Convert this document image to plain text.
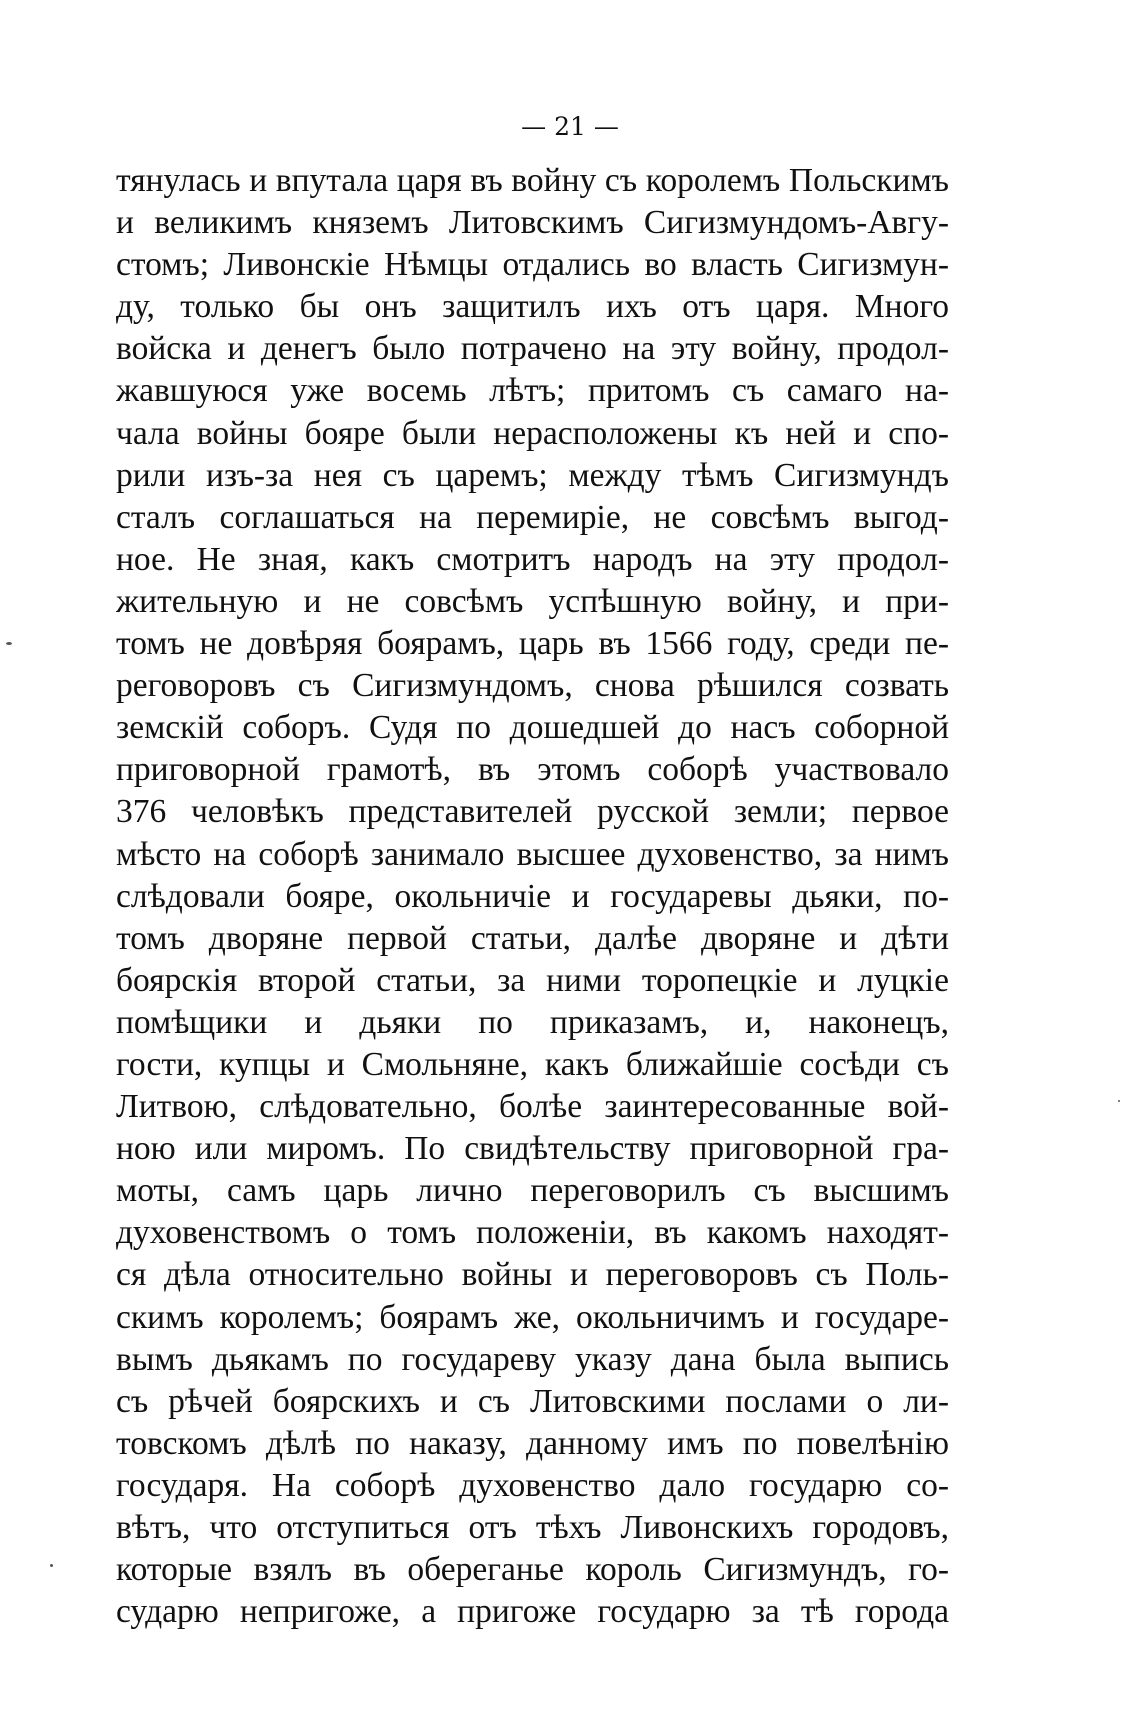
— 21 —
тянулась и впутала царя въ войну съ королемъ Польскимъ
и великимъ княземъ Литовскимъ Сигизмундомъ-Авгу-
стомъ; Ливонскіе Нѣмцы отдались во власть Сигизмун-
ду, только бы онъ защитилъ ихъ отъ царя. Много
войска и денегъ было потрачено на эту войну, продол-
жавшуюся уже восемь лѣтъ; притомъ съ самаго на-
чала войны бояре были нерасположены къ ней и спо-
рили изъ-за нея съ царемъ; между тѣмъ Сигизмундъ
сталъ соглашаться на перемиріе, не совсѣмъ выгод-
ное. Не зная, какъ смотритъ народъ на эту продол-
жительную и не совсѣмъ успѣшную войну, и при-
томъ не довѣряя боярамъ, царь въ 1566 году, среди пе-
реговоровъ съ Сигизмундомъ, снова рѣшился созвать
земскій соборъ. Судя по дошедшей до насъ соборной
приговорной грамотѣ, въ этомъ соборѣ участвовало
376 человѣкъ представителей русской земли; первое
мѣсто на соборѣ занимало высшее духовенство, за нимъ
слѣдовали бояре, окольничіе и государевы дьяки, по-
томъ дворяне первой статьи, далѣе дворяне и дѣти
боярскія второй статьи, за ними торопецкіе и луцкіе
помѣщики и дьяки по приказамъ, и, наконецъ,
гости, купцы и Смольняне, какъ ближайшіе сосѣди съ
Литвою, слѣдовательно, болѣе заинтересованные вой-
ною или миромъ. По свидѣтельству приговорной гра-
моты, самъ царь лично переговорилъ съ высшимъ
духовенствомъ о томъ положеніи, въ какомъ находят-
ся дѣла относительно войны и переговоровъ съ Поль-
скимъ королемъ; боярамъ же, окольничимъ и государе-
вымъ дьякамъ по государеву указу дана была выпись
съ рѣчей боярскихъ и съ Литовскими послами о ли-
товскомъ дѣлѣ по наказу, данному имъ по повелѣнію
государя. На соборѣ духовенство дало государю со-
вѣтъ, что отступиться отъ тѣхъ Ливонскихъ городовъ,
которые взялъ въ обереганье король Сигизмундъ, го-
сударю непригоже, а пригоже государю за тѣ города
